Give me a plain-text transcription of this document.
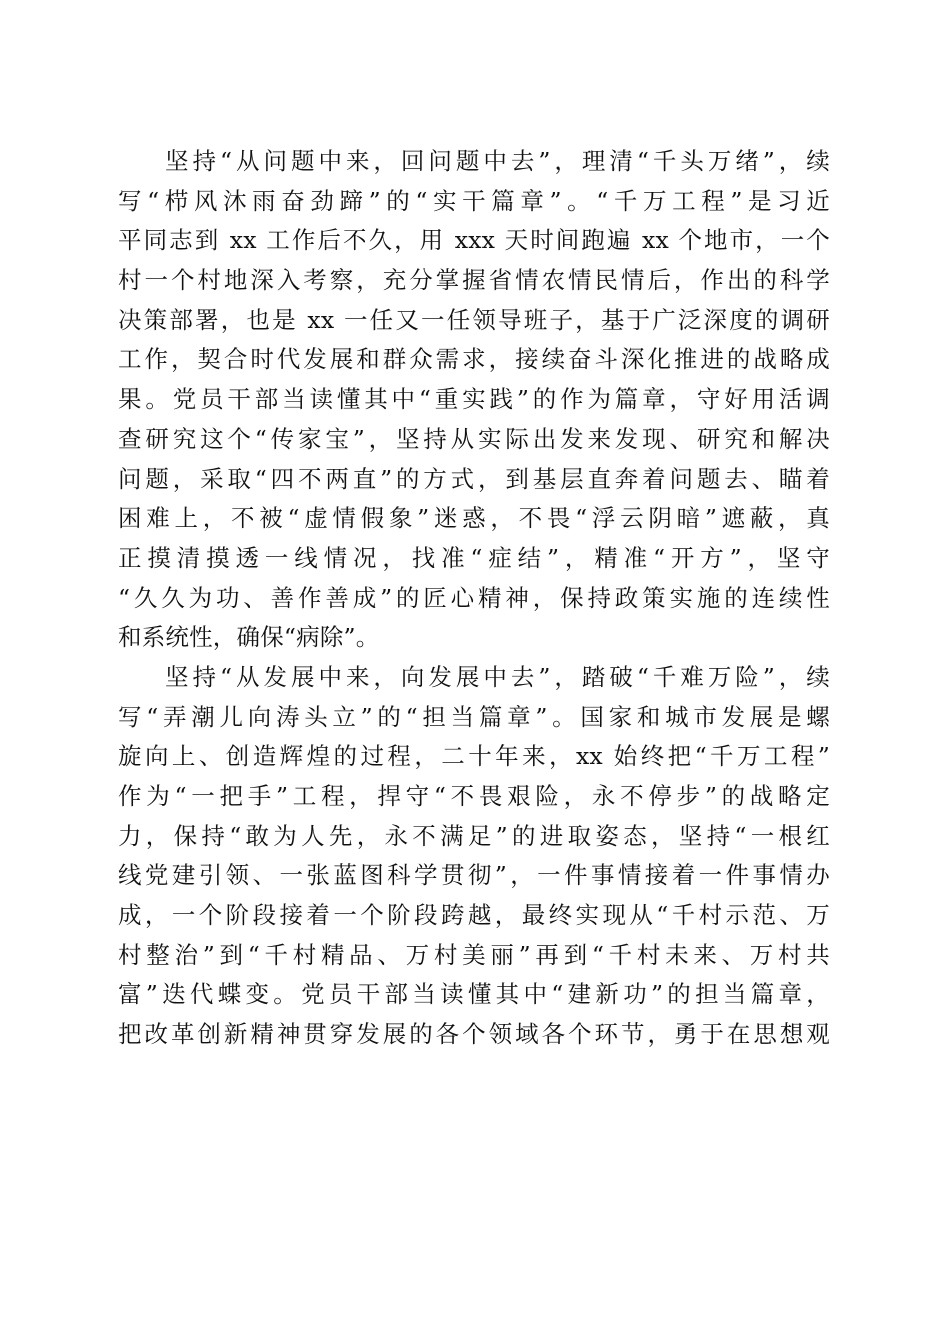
坚持“从问题中来，回问题中去”，理清“千头万绪”，续
写“栉风沐雨奋劲蹄”的“实干篇章”。“千万工程”是习近
平同志到 xx 工作后不久，用 xxx 天时间跑遍 xx 个地市，一个
村一个村地深入考察，充分掌握省情农情民情后，作出的科学
决策部署，也是 xx 一任又一任领导班子，基于广泛深度的调研
工作，契合时代发展和群众需求，接续奋斗深化推进的战略成
果。党员干部当读懂其中“重实践”的作为篇章，守好用活调
查研究这个“传家宝”，坚持从实际出发来发现、研究和解决
问题，采取“四不两直”的方式，到基层直奔着问题去、瞄着
困难上，不被“虚情假象”迷惑，不畏“浮云阴暗”遮蔽，真
正摸清摸透一线情况，找准“症结”，精准“开方”，坚守
“久久为功、善作善成”的匠心精神，保持政策实施的连续性
和系统性，确保“病除”。
坚持“从发展中来，向发展中去”，踏破“千难万险”，续
写“弄潮儿向涛头立”的“担当篇章”。国家和城市发展是螺
旋向上、创造辉煌的过程，二十年来，xx 始终把“千万工程”
作为“一把手”工程，捍守“不畏艰险，永不停步”的战略定
力，保持“敢为人先，永不满足”的进取姿态，坚持“一根红
线党建引领、一张蓝图科学贯彻”，一件事情接着一件事情办
成，一个阶段接着一个阶段跨越，最终实现从“千村示范、万
村整治”到“千村精品、万村美丽”再到“千村未来、万村共
富”迭代蝶变。党员干部当读懂其中“建新功”的担当篇章，
把改革创新精神贯穿发展的各个领域各个环节，勇于在思想观
